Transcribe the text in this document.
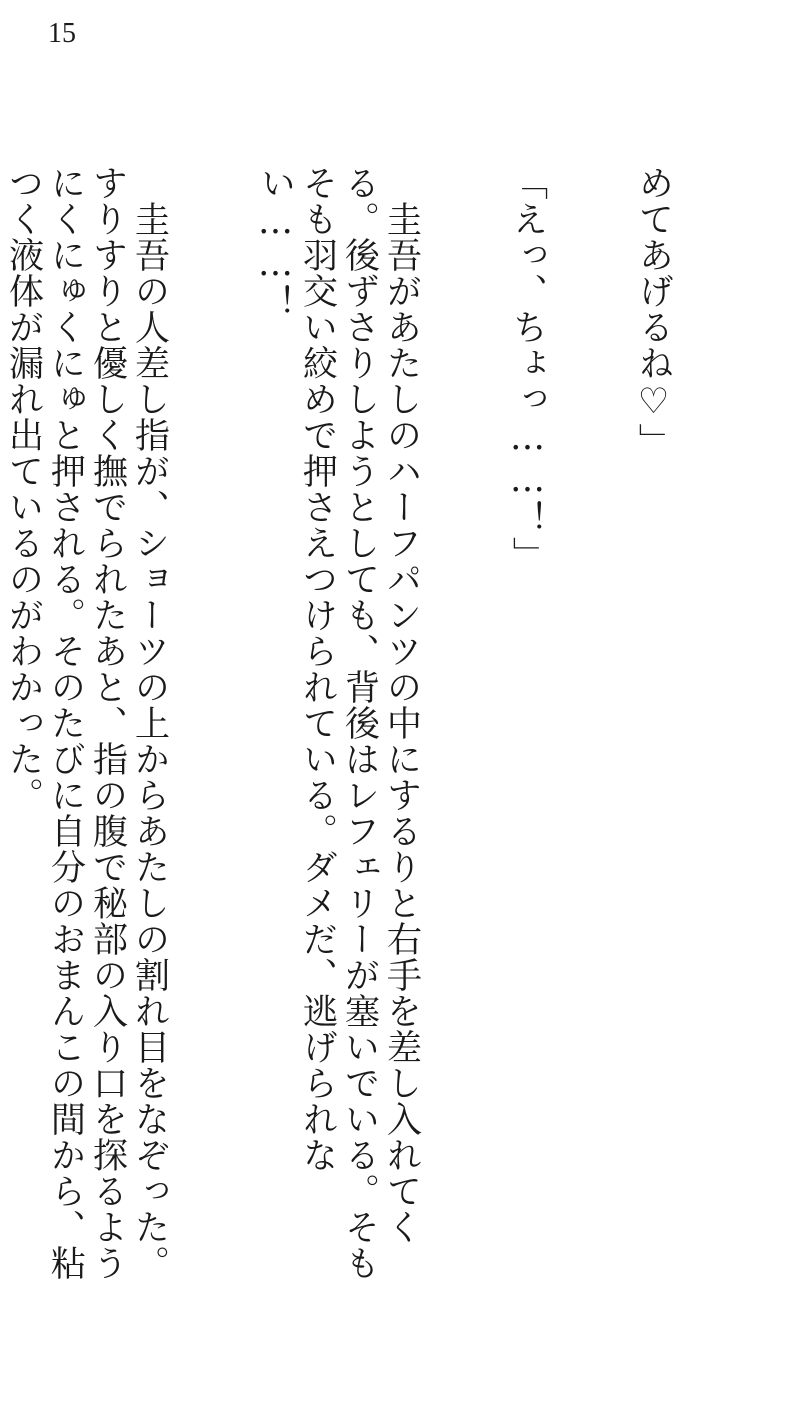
15

めてあげるね♡」

「えっ、ちょっ……！」

　圭吾があたしのハーフパンツの中にするりと右手を差し入れてくる。後ずさりしようとしても、背後はレフェリーが塞いでいる。そもそも羽交い絞めで押さえつけられている。ダメだ、逃げられない……！

　圭吾の人差し指が、ショーツの上からあたしの割れ目をなぞった。すりすりと優しく撫でられたあと、指の腹で秘部の入り口を探るようにくにゅくにゅと押される。そのたびに自分のおまんこの間から、粘つく液体が漏れ出ているのがわかった。
